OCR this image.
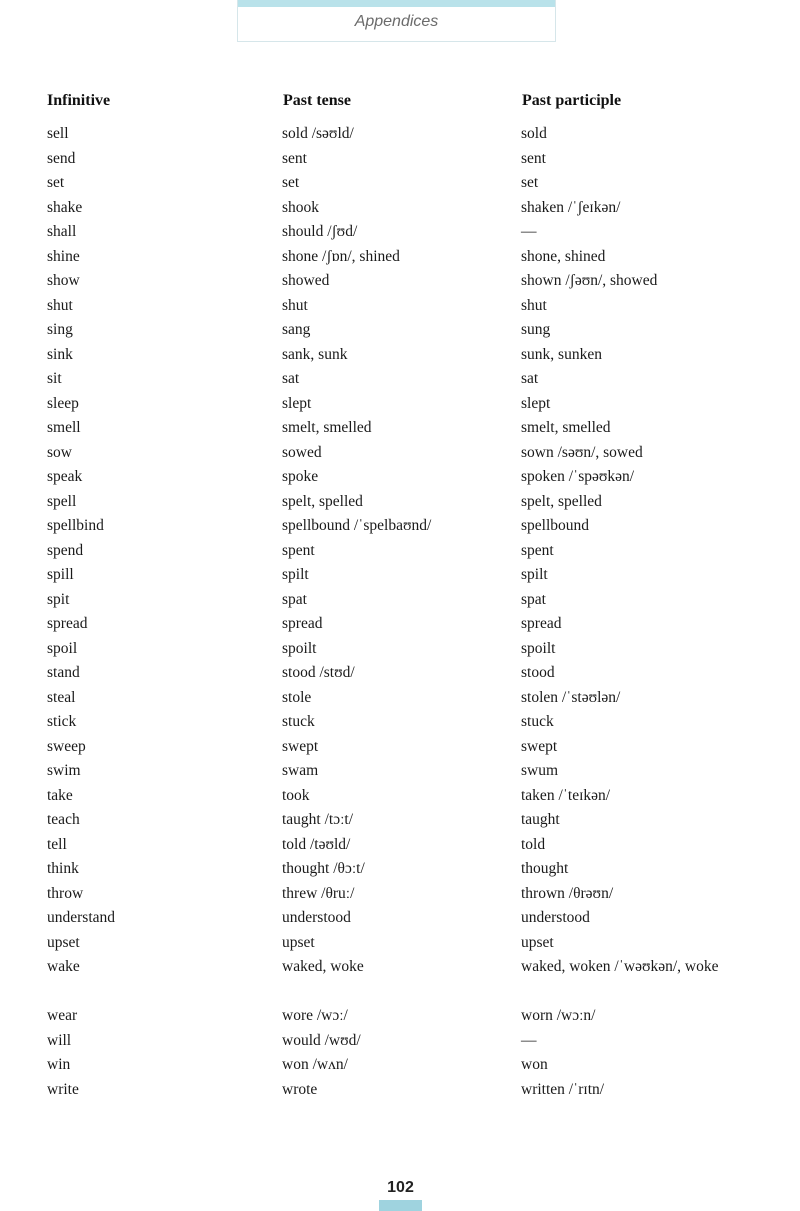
Appendices
Infinitive	Past tense	Past participle
sell	sold /səʊld/	sold
send	sent	sent
set	set	set
shake	shook	shaken /ˈʃeɪkən/
shall	should /ʃʊd/	—
shine	shone /ʃɒn/, shined	shone, shined
show	showed	shown /ʃəʊn/, showed
shut	shut	shut
sing	sang	sung
sink	sank, sunk	sunk, sunken
sit	sat	sat
sleep	slept	slept
smell	smelt, smelled	smelt, smelled
sow	sowed	sown /səʊn/, sowed
speak	spoke	spoken /ˈspəʊkən/
spell	spelt, spelled	spelt, spelled
spellbind	spellbound /ˈspelbaʊnd/	spellbound
spend	spent	spent
spill	spilt	spilt
spit	spat	spat
spread	spread	spread
spoil	spoilt	spoilt
stand	stood /stʊd/	stood
steal	stole	stolen /ˈstəʊlən/
stick	stuck	stuck
sweep	swept	swept
swim	swam	swum
take	took	taken /ˈteɪkən/
teach	taught /tɔːt/	taught
tell	told /təʊld/	told
think	thought /θɔːt/	thought
throw	threw /θruː/	thrown /θrəʊn/
understand	understood	understood
upset	upset	upset
wake	waked, woke	waked, woken /ˈwəʊkən/, woke
wear	wore /wɔː/	worn /wɔːn/
will	would /wʊd/	—
win	won /wʌn/	won
write	wrote	written /ˈrɪtn/
102
